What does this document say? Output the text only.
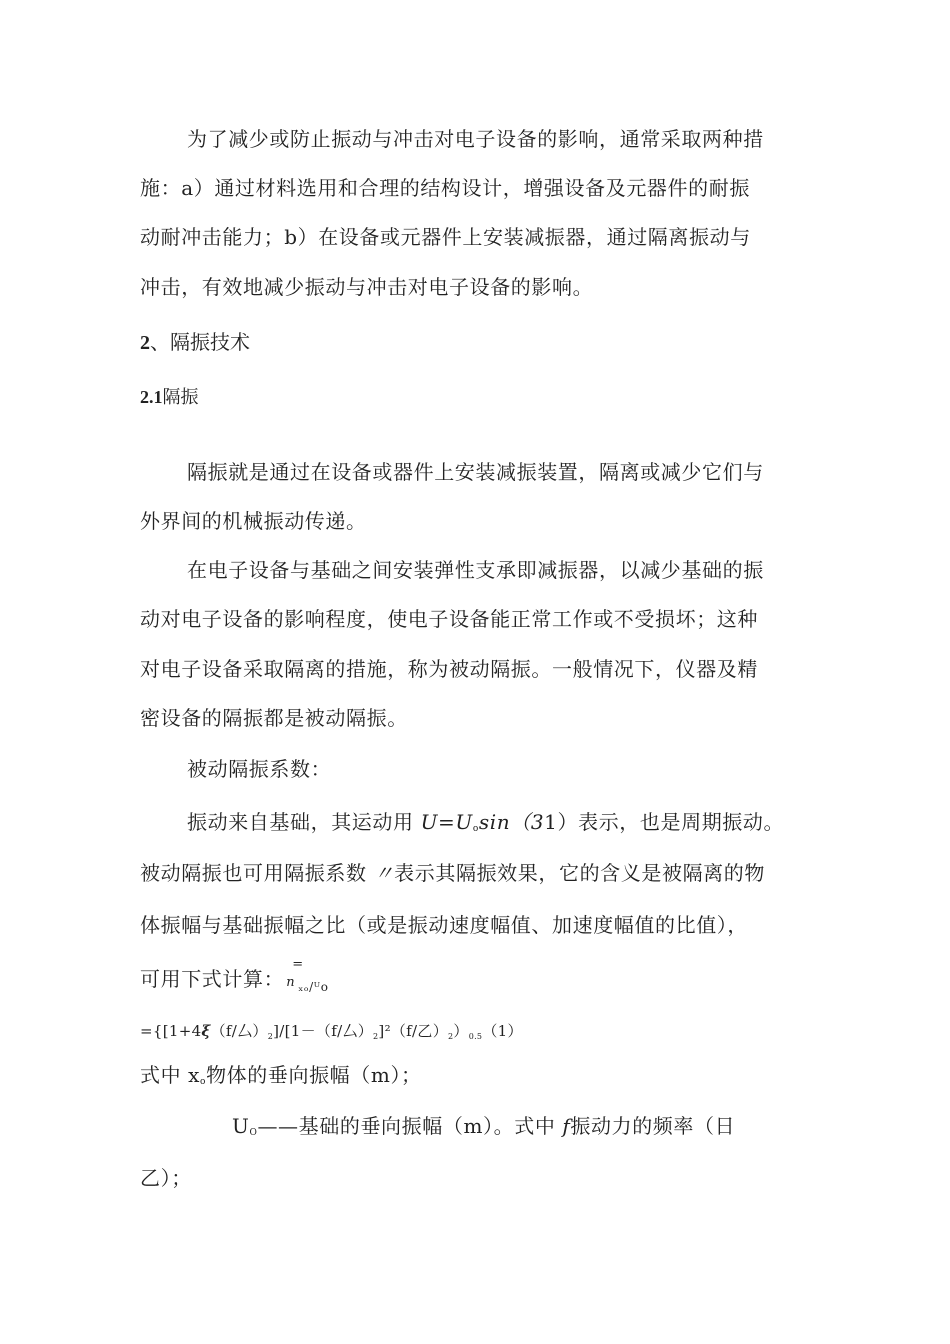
为了减少或防止振动与冲击对电子设备的影响，通常采取两种措
施：a）通过材料选用和合理的结构设计，增强设备及元器件的耐振
动耐冲击能力；b）在设备或元器件上安装减振器，通过隔离振动与
冲击，有效地减少振动与冲击对电子设备的影响。
2、隔振技术
2.1隔振
隔振就是通过在设备或器件上安装减振装置，隔离或减少它们与
外界间的机械振动传递。
在电子设备与基础之间安装弹性支承即减振器，以减少基础的振
动对电子设备的影响程度，使电子设备能正常工作或不受损坏；这种
对电子设备采取隔离的措施，称为被动隔振。一般情况下，仪器及精
密设备的隔振都是被动隔振。
被动隔振系数：
振动来自基础，其运动用 $U=U_o\sin(31)$表示，也是周期振动。
被动隔振也可用隔振系数 〃表示其隔振效果，它的含义是被隔离的物
体振幅与基础振幅之比（或是振动速度幅值、加速度幅值的比值），
可用下式计算：
=
n ₓₒ/ᵁo
={[1+4ξ（f/厶）$_2]/[1-(f/$厶）$_2]^2(f/$乙）$_2)_{0.5}(1)$
式中 $x_o$物体的垂向振幅（m）；
$U_O——$基础的垂向振幅（m）。式中 f振动力的频率（日
乙）；
